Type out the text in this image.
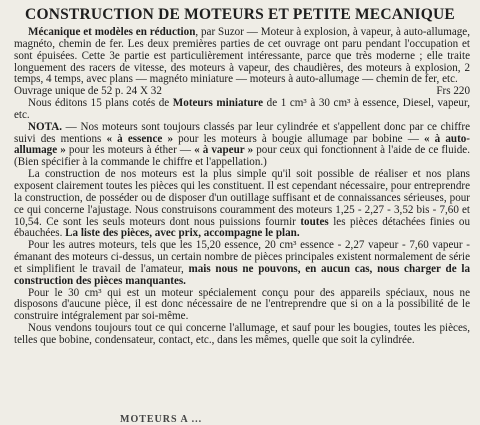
CONSTRUCTION DE MOTEURS ET PETITE MECANIQUE

Mécanique et modèles en réduction, par Suzor — Moteur à explosion, à vapeur, à auto-allumage, magnéto, chemin de fer. Les deux premières parties de cet ouvrage ont paru pendant l'occupation et sont épuisées. Cette 3e partie est particulièrement intéressante, parce que très moderne ; elle traite longuement des racers de vitesse, des moteurs à vapeur, des chaudières, des moteurs à explosion, 2 temps, 4 temps, avec plans — magnéto miniature — moteurs à auto-allumage — chemin de fer, etc.

Ouvrage unique de 52 p. 24 X 32	Frs 220

Nous éditons 15 plans cotés de Moteurs miniature de 1 cm³ à 30 cm³ à essence, Diesel, vapeur, etc.

NOTA. — Nos moteurs sont toujours classés par leur cylindrée et s'appellent donc par ce chiffre suivi des mentions « à essence » pour les moteurs à bougie allumage par bobine — « à auto-allumage » pour les moteurs à éther — « à vapeur » pour ceux qui fonctionnent à l'aide de ce fluide. (Bien spécifier à la commande le chiffre et l'appellation.)

La construction de nos moteurs est la plus simple qu'il soit possible de réaliser et nos plans exposent clairement toutes les pièces qui les constituent. Il est cependant nécessaire, pour entreprendre la construction, de posséder ou de disposer d'un outillage suffisant et de connaissances sérieuses, pour ce qui concerne l'ajustage. Nous construisons couramment des moteurs 1,25 - 2,27 - 3,52 bis - 7,60 et 10,54. Ce sont les seuls moteurs dont nous puissions fournir toutes les pièces détachées finies ou ébauchées. La liste des pièces, avec prix, accompagne le plan.

Pour les autres moteurs, tels que les 15,20 essence, 20 cm³ essence - 2,27 vapeur - 7,60 vapeur - émanant des moteurs ci-dessus, un certain nombre de pièces principales existent normalement de série et simplifient le travail de l'amateur, mais nous ne pouvons, en aucun cas, nous charger de la construction des pièces manquantes.

Pour le 30 cm³ qui est un moteur spécialement conçu pour des appareils spéciaux, nous ne disposons d'aucune pièce, il est donc nécessaire de ne l'entreprendre que si on a la possibilité de le construire intégralement par soi-même.

Nous vendons toujours tout ce qui concerne l'allumage, et sauf pour les bougies, toutes les pièces, telles que bobine, condensateur, contact, etc., dans les mêmes, quelle que soit la cylindrée.

MOTEURS A ...
